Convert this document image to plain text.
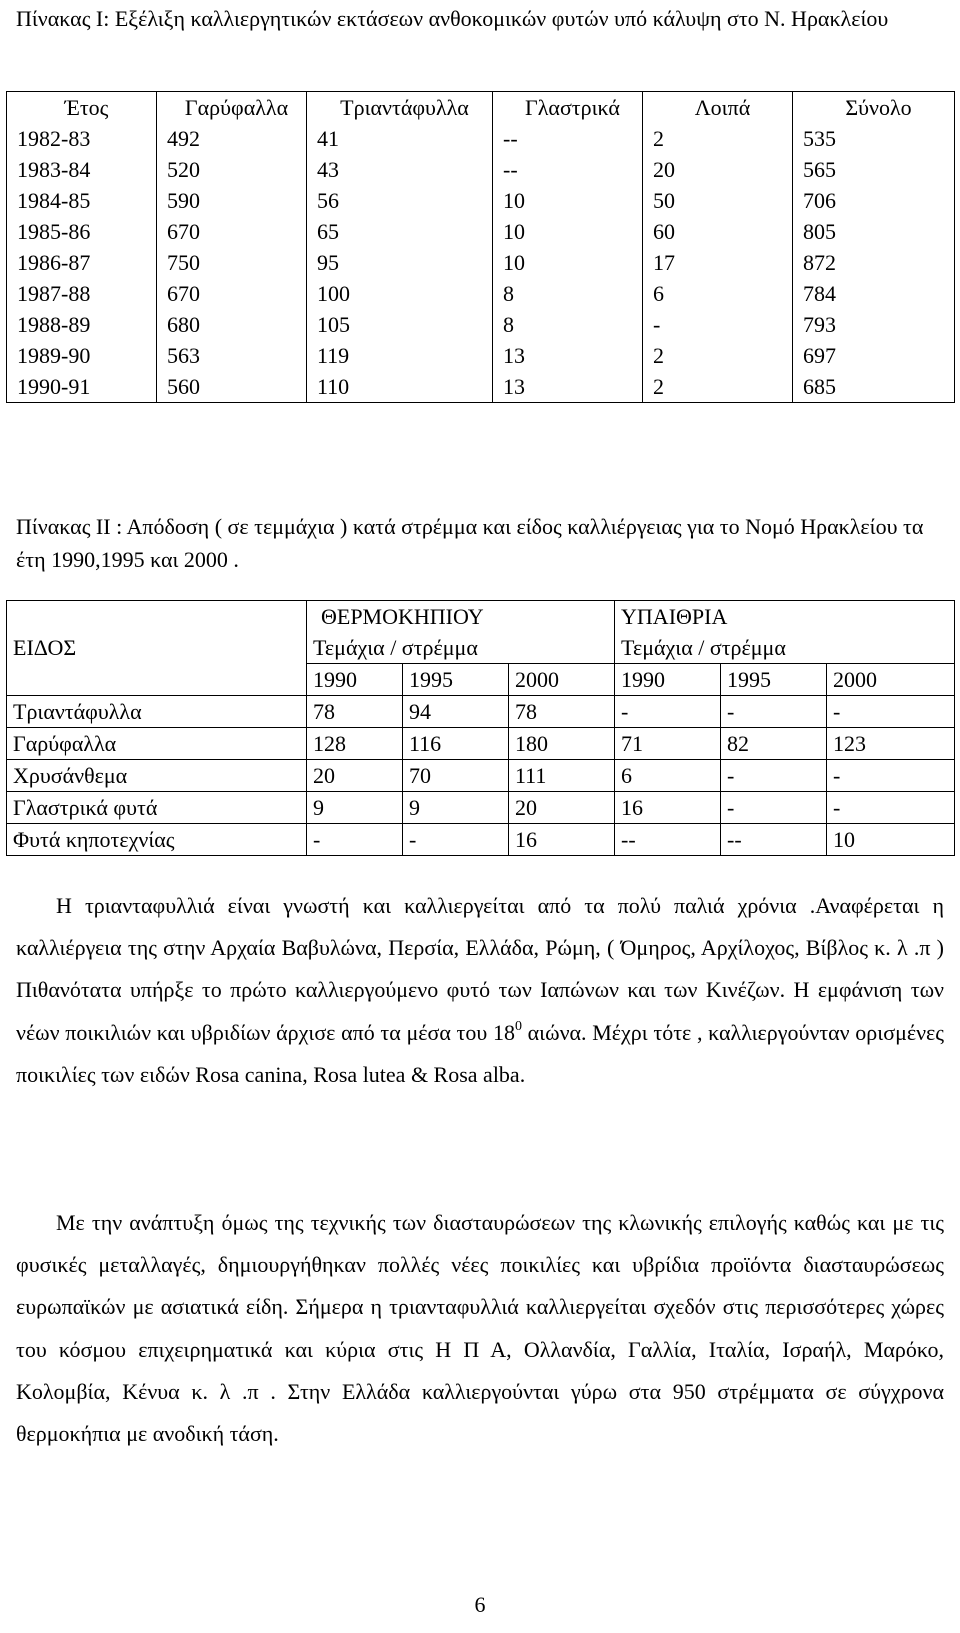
Πίνακας Ι: Εξέλιξη καλλιεργητικών εκτάσεων ανθοκομικών φυτών υπό κάλυψη στο Ν. Ηρακλείου

Έτος	Γαρύφαλλα	Τριαντάφυλλα	Γλαστρικά	Λοιπά	Σύνολο
1982-83	492	41	--	2	535
1983-84	520	43	--	20	565
1984-85	590	56	10	50	706
1985-86	670	65	10	60	805
1986-87	750	95	10	17	872
1987-88	670	100	8	6	784
1988-89	680	105	8	-	793
1989-90	563	119	13	2	697
1990-91	560	110	13	2	685

Πίνακας ΙΙ : Απόδοση ( σε τεμμάχια ) κατά στρέμμα και είδος καλλιέργειας για το Νομό Ηρακλείου τα έτη 1990,1995 και 2000 .

	ΘΕΡΜΟΚΗΠΙΟΥ			ΥΠΑΙΘΡΙΑ		
ΕΙΔΟΣ	Τεμάχια / στρέμμα			Τεμάχια / στρέμμα		
	1990	1995	2000	1990	1995	2000
Τριαντάφυλλα	78	94	78	-	-	-
Γαρύφαλλα	128	116	180	71	82	123
Χρυσάνθεμα	20	70	111	6	-	-
Γλαστρικά φυτά	9	9	20	16	-	-
Φυτά κηποτεχνίας	-	-	16	--	--	10

Η τριανταφυλλιά είναι γνωστή και καλλιεργείται από τα πολύ παλιά χρόνια .Αναφέρεται η καλλιέργεια της στην Αρχαία Βαβυλώνα, Περσία, Ελλάδα, Ρώμη, ( Όμηρος, Αρχίλοχος, Βίβλος κ. λ .π ) Πιθανότατα υπήρξε το πρώτο καλλιεργούμενο φυτό των Ιαπώνων και των Κινέζων. Η εμφάνιση των νέων ποικιλιών και υβριδίων άρχισε από τα μέσα του $18^0$ αιώνα. Μέχρι τότε , καλλιεργούνταν ορισμένες ποικιλίες των ειδών Rosa canina, Rosa lutea & Rosa alba.

Με την ανάπτυξη όμως της τεχνικής των διασταυρώσεων της κλωνικής επιλογής καθώς και με τις φυσικές μεταλλαγές, δημιουργήθηκαν πολλές νέες ποικιλίες και υβρίδια προϊόντα διασταυρώσεως ευρωπαϊκών με ασιατικά είδη. Σήμερα η τριανταφυλλιά καλλιεργείται σχεδόν στις περισσότερες χώρες του κόσμου επιχειρηματικά και κύρια στις Η Π Α, Ολλανδία, Γαλλία, Ιταλία, Ισραήλ, Μαρόκο, Κολομβία, Κένυα κ. λ .π . Στην Ελλάδα καλλιεργούνται γύρω στα 950 στρέμματα σε σύγχρονα θερμοκήπια με ανοδική τάση.

6
